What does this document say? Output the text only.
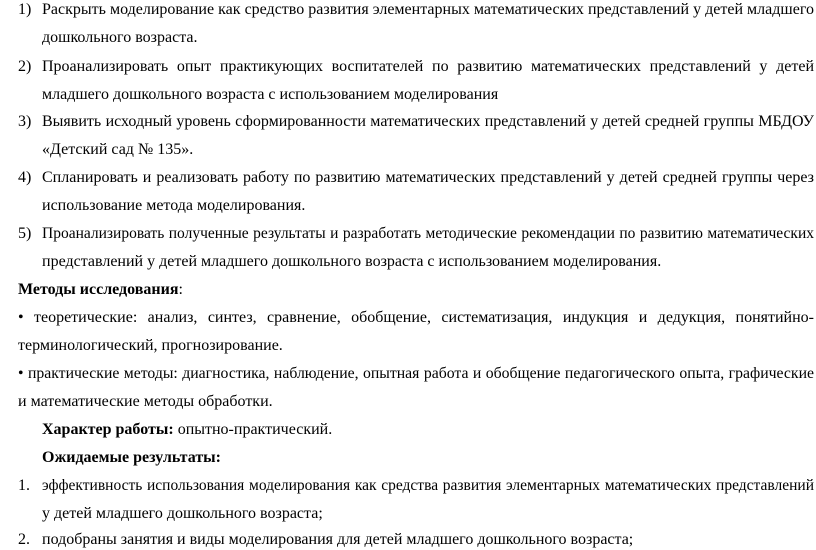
1) Раскрыть моделирование как средство развития элементарных математических представлений у детей младшего
дошкольного возраста.
2) Проанализировать опыт практикующих воспитателей по развитию математических представлений у детей
младшего дошкольного возраста с использованием моделирования
3) Выявить исходный уровень сформированности математических представлений у детей средней группы МБДОУ
«Детский сад № 135».
4) Спланировать и реализовать работу по развитию математических представлений у детей средней группы через
использование метода моделирования.
5) Проанализировать полученные результаты и разработать методические рекомендации по развитию математических
представлений у детей младшего дошкольного возраста с использованием моделирования.
Методы исследования:
• теоретические: анализ, синтез, сравнение, обобщение, систематизация, индукция и дедукция, понятийно-
терминологический, прогнозирование.
• практические методы: диагностика, наблюдение, опытная работа и обобщение педагогического опыта, графические
и математические методы обработки.
Характер работы: опытно-практический.
Ожидаемые результаты:
1. эффективность использования моделирования как средства развития элементарных математических представлений
у детей младшего дошкольного возраста;
2. подобраны занятия и виды моделирования для детей младшего дошкольного возраста;
